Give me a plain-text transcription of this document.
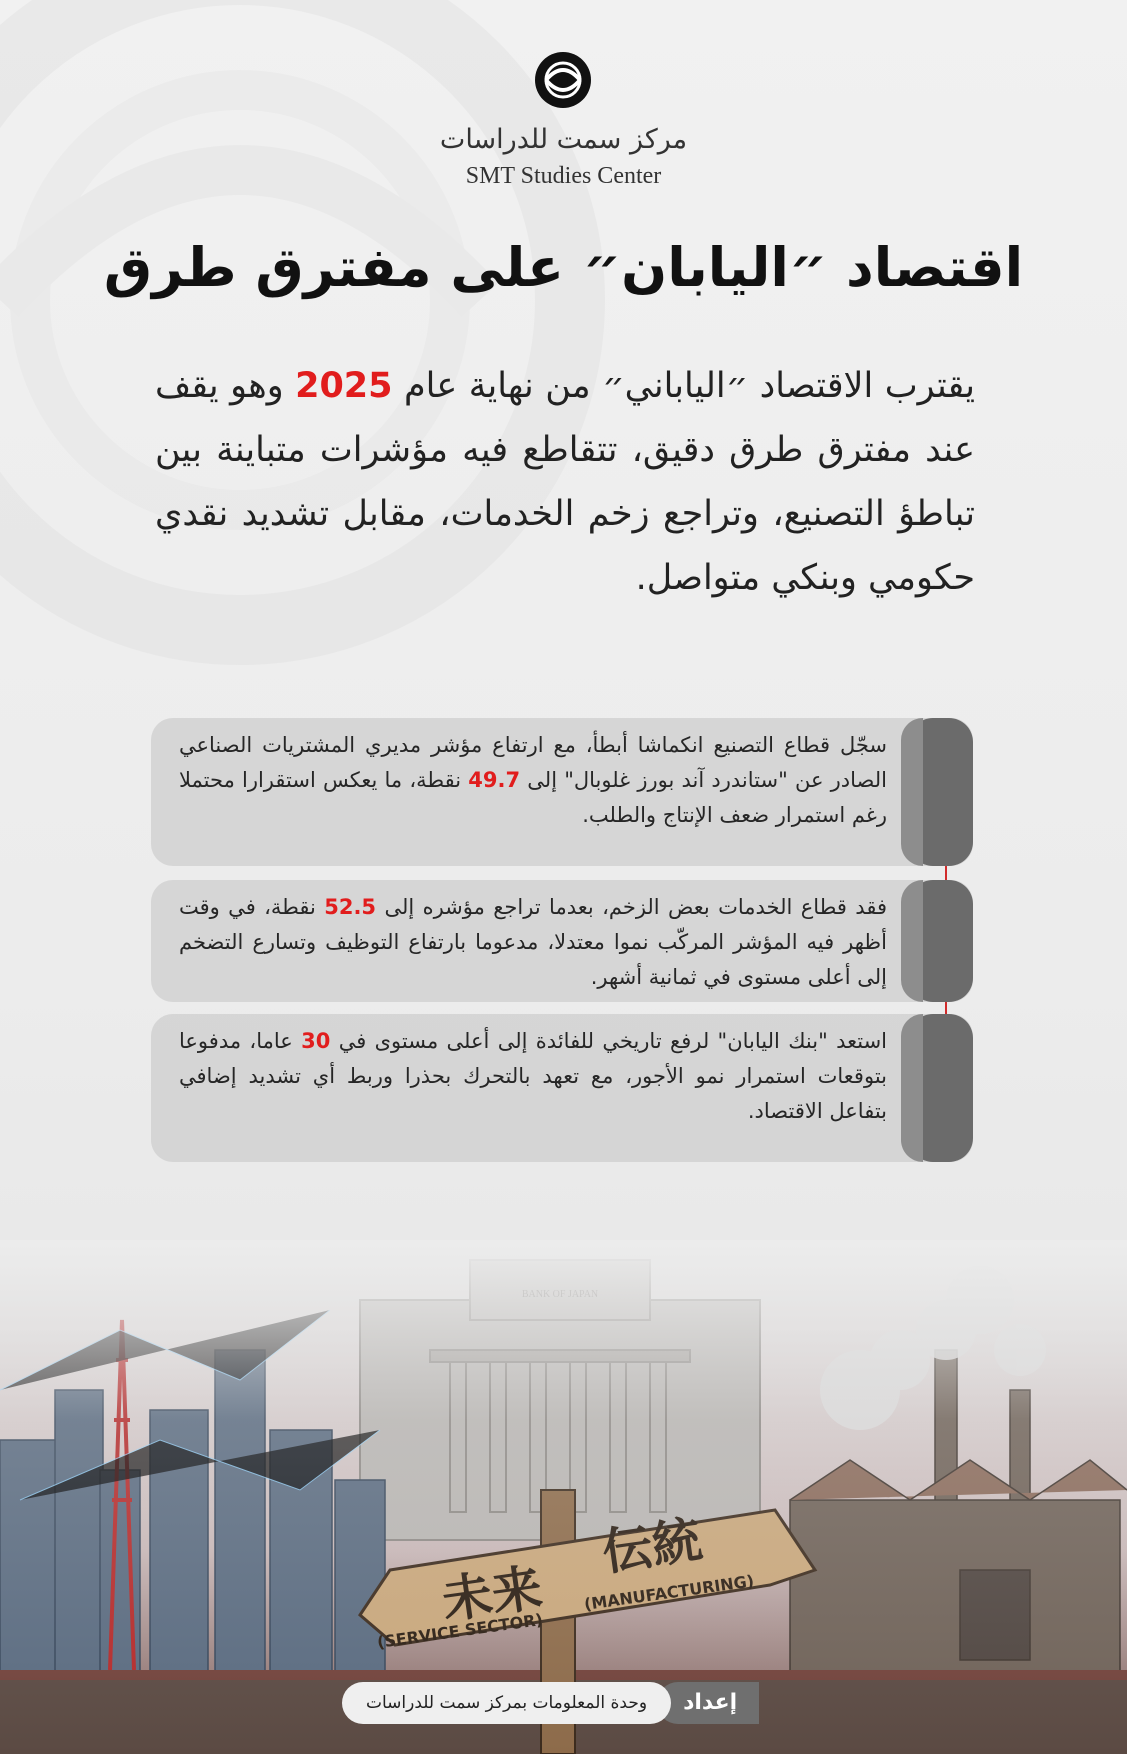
مركز سمت للدراسات
SMT Studies Center
اقتصاد ״اليابان״ على مفترق طرق

يقترب الاقتصاد ״الياباني״ من نهاية عام 2025 وهو يقف عند مفترق طرق دقيق، تتقاطع فيه مؤشرات متباينة بين تباطؤ التصنيع، وتراجع زخم الخدمات، مقابل تشديد نقدي حكومي وبنكي متواصل.

سجّل قطاع التصنيع انكماشا أبطأ، مع ارتفاع مؤشر مديري المشتريات الصناعي الصادر عن "ستاندرد آند بورز غلوبال" إلى 49.7 نقطة، ما يعكس استقرارا محتملا رغم استمرار ضعف الإنتاج والطلب.

فقد قطاع الخدمات بعض الزخم، بعدما تراجع مؤشره إلى 52.5 نقطة، في وقت أظهر فيه المؤشر المركّب نموا معتدلا، مدعوما بارتفاع التوظيف وتسارع التضخم إلى أعلى مستوى في ثمانية أشهر.

استعد "بنك اليابان" لرفع تاريخي للفائدة إلى أعلى مستوى في 30 عاما، مدفوعا بتوقعات استمرار نمو الأجور، مع تعهد بالتحرك بحذرا وربط أي تشديد إضافي بتفاعل الاقتصاد.

إعداد
وحدة المعلومات بمركز سمت للدراسات
